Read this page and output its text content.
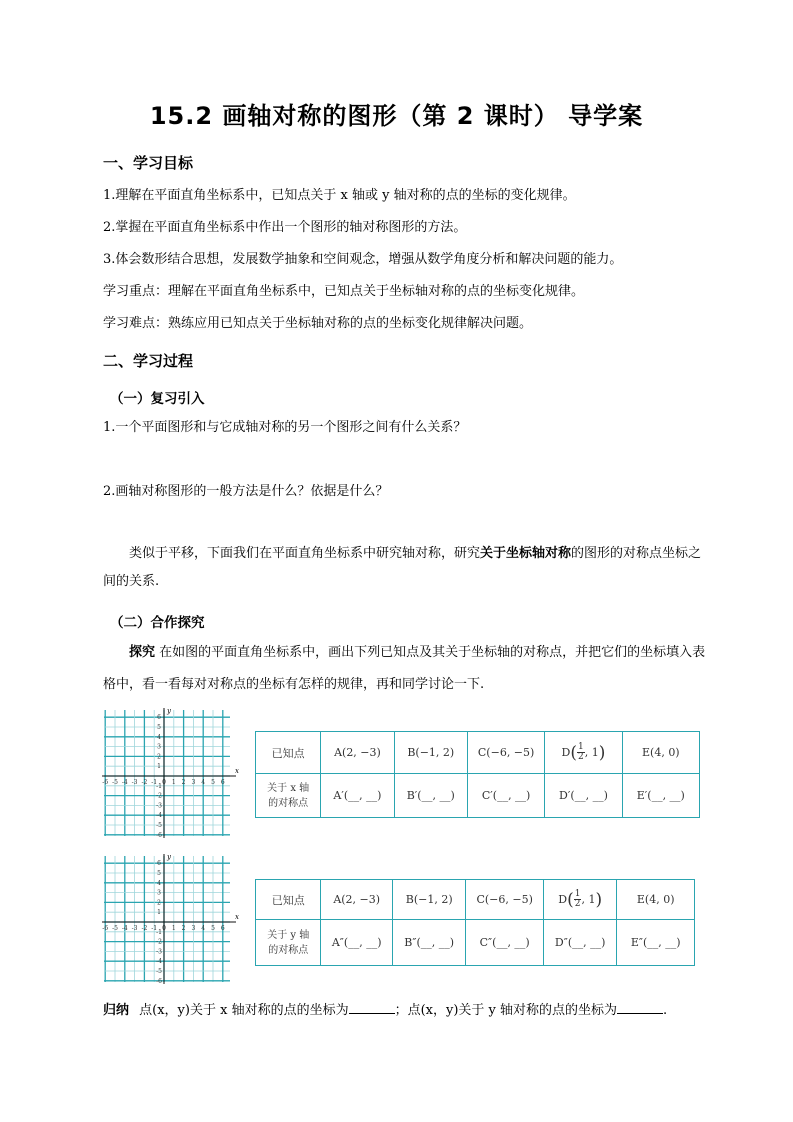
15.2 画轴对称的图形（第 2 课时） 导学案
一、学习目标
1.理解在平面直角坐标系中，已知点关于 x 轴或 y 轴对称的点的坐标的变化规律。
2.掌握在平面直角坐标系中作出一个图形的轴对称图形的方法。
3.体会数形结合思想，发展数学抽象和空间观念，增强从数学角度分析和解决问题的能力。
学习重点：理解在平面直角坐标系中，已知点关于坐标轴对称的点的坐标变化规律。
学习难点：熟练应用已知点关于坐标轴对称的点的坐标变化规律解决问题。
二、学习过程
（一）复习引入
1.一个平面图形和与它成轴对称的另一个图形之间有什么关系？
2.画轴对称图形的一般方法是什么？依据是什么？
类似于平移，下面我们在平面直角坐标系中研究轴对称，研究关于坐标轴对称的图形的对称点坐标之
间的关系.
（二）合作探究
探究 在如图的平面直角坐标系中，画出下列已知点及其关于坐标轴的对称点，并把它们的坐标填入表
格中，看一看每对对称点的坐标有怎样的规律，再和同学讨论一下.
-6 -5 -4 -3 -2 -1 0 1 2 3 4 5 6
6
5
4
3
2
1
-1
-2
-3
-4
-5
-6
x
y
已知点	A(2, −3)	B(−1, 2)	C(−6, −5)	$D( \frac{1}{2}$ , 1)	E(4, 0)
关于 x 轴
的对称点	A′(__, __)	B′(__, __)	C′(__, __)	D′(__, __)	E′(__, __)
-6 -5 -4 -3 -2 -1 0 1 2 3 4 5 6
6
5
4
3
2
1
-1
-2
-3
-4
-5
-6
x
y
已知点	A(2, −3)	B(−1, 2)	C(−6, −5)	$D( \frac{1}{2}$ , 1)	E(4, 0)
关于 y 轴
的对称点	A″(__, __)	B″(__, __)	C″(__, __)	D″(__, __)	E″(__, __)
归纳 点(x，y)关于 x 轴对称的点的坐标为	；点(x，y)关于 y 轴对称的点的坐标为	.
